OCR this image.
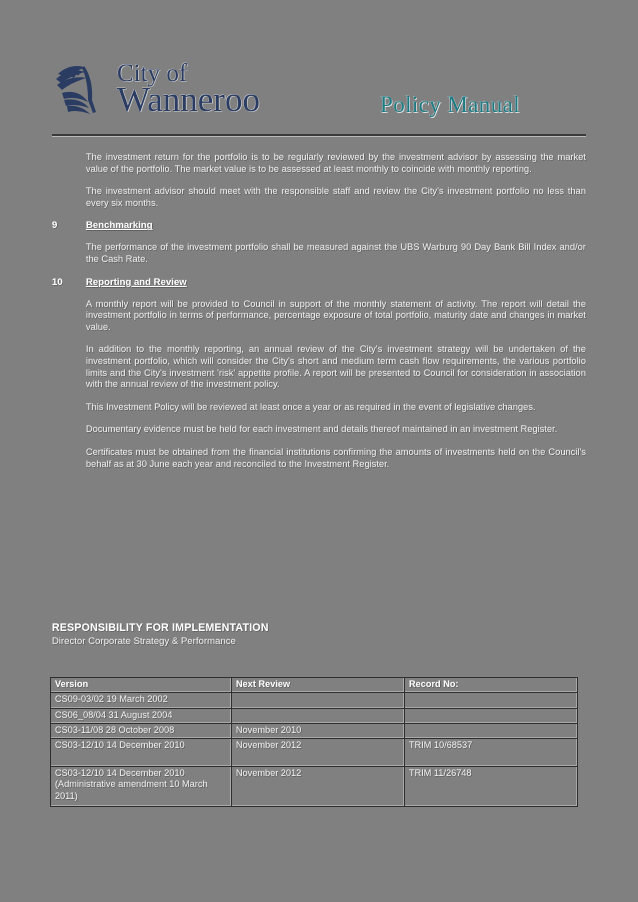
City of
Wanneroo	Policy Manual

The investment return for the portfolio is to be regularly reviewed by the investment advisor by assessing the market value of the portfolio. The market value is to be assessed at least monthly to coincide with monthly reporting.

The investment advisor should meet with the responsible staff and review the City's investment portfolio no less than every six months.

9	Benchmarking

The performance of the investment portfolio shall be measured against the UBS Warburg 90 Day Bank Bill Index and/or the Cash Rate.

10 Reporting and Review

A monthly report will be provided to Council in support of the monthly statement of activity. The report will detail the investment portfolio in terms of performance, percentage exposure of total portfolio, maturity date and changes in market value.

In addition to the monthly reporting, an annual review of the City's investment strategy will be undertaken of the investment portfolio, which will consider the City's short and medium term cash flow requirements, the various portfolio limits and the City's investment 'risk' appetite profile. A report will be presented to Council for consideration in association with the annual review of the investment policy.

This Investment Policy will be reviewed at least once a year or as required in the event of legislative changes.

Documentary evidence must be held for each investment and details thereof maintained in an investment Register.

Certificates must be obtained from the financial institutions confirming the amounts of investments held on the Council's behalf as at 30 June each year and reconciled to the Investment Register.

RESPONSIBILITY FOR IMPLEMENTATION
Director Corporate Strategy & Performance
Version	Next Review	Record No:
CS09-03/02 19 March 2002		
CS06_08/04 31 August 2004		
CS03-11/08 28 October 2008	November 2010	
CS03-12/10 14 December 2010	November 2012	TRIM 10/68537
CS03-12/10 14 December 2010 (Administrative amendment 10 March 2011)	November 2012	TRIM 11/26748
